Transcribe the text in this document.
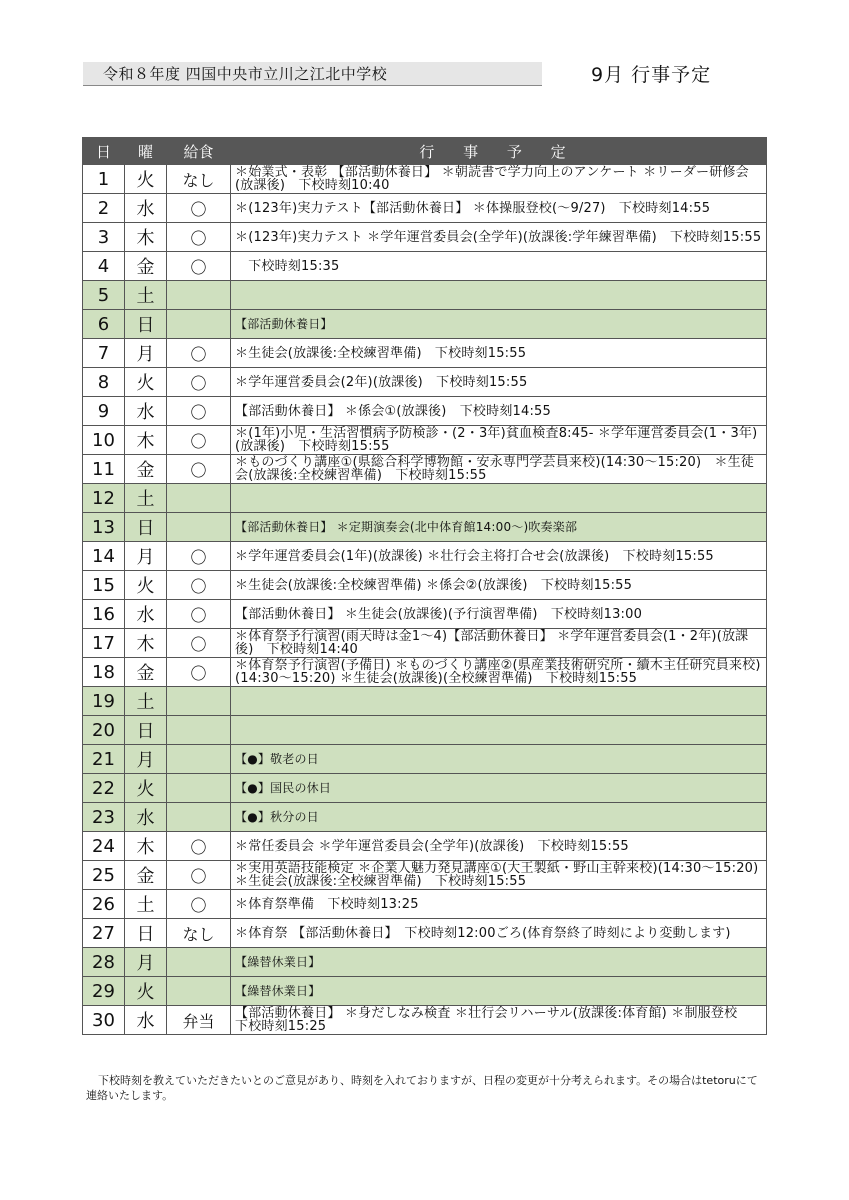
令和８年度 四国中央市立川之江北中学校	9月 行事予定
日	曜	給食	行 事 予 定
1	火	なし	＊始業式・表彰 【部活動休養日】 ＊朝読書で学力向上のアンケート ＊リーダー研修会(放課後)　下校時刻10:40
2	水	〇	＊(123年)実力テスト【部活動休養日】 ＊体操服登校(～9/27)　下校時刻14:55
3	木	〇	＊(123年)実力テスト ＊学年運営委員会(全学年)(放課後:学年練習準備)　下校時刻15:55
4	金	〇	　下校時刻15:35
5	土		
6	日		【部活動休養日】
7	月	〇	＊生徒会(放課後:全校練習準備)　下校時刻15:55
8	火	〇	＊学年運営委員会(2年)(放課後)　下校時刻15:55
9	水	〇	【部活動休養日】 ＊係会①(放課後)　下校時刻14:55
10	木	〇	＊(1年)小児・生活習慣病予防検診・(2・3年)貧血検査8:45- ＊学年運営委員会(1・3年)(放課後)　下校時刻15:55
11	金	〇	＊ものづくり講座①(県総合科学博物館・安永専門学芸員来校)(14:30～15:20)　＊生徒会(放課後:全校練習準備)　下校時刻15:55
12	土		
13	日		【部活動休養日】 ＊定期演奏会(北中体育館14:00～)吹奏楽部
14	月	〇	＊学年運営委員会(1年)(放課後) ＊壮行会主将打合せ会(放課後)　下校時刻15:55
15	火	〇	＊生徒会(放課後:全校練習準備) ＊係会②(放課後)　下校時刻15:55
16	水	〇	【部活動休養日】 ＊生徒会(放課後)(予行演習準備)　下校時刻13:00
17	木	〇	＊体育祭予行演習(雨天時は金1～4)【部活動休養日】 ＊学年運営委員会(1・2年)(放課後)　下校時刻14:40
18	金	〇	＊体育祭予行演習(予備日) ＊ものづくり講座②(県産業技術研究所・續木主任研究員来校)(14:30～15:20) ＊生徒会(放課後)(全校練習準備)　下校時刻15:55
19	土		
20	日		
21	月		【●】敬老の日
22	火		【●】国民の休日
23	水		【●】秋分の日
24	木	〇	＊常任委員会 ＊学年運営委員会(全学年)(放課後)　下校時刻15:55
25	金	〇	＊実用英語技能検定 ＊企業人魅力発見講座①(大王製紙・野山主幹来校)(14:30～15:20) ＊生徒会(放課後:全校練習準備)　下校時刻15:55
26	土	〇	＊体育祭準備　下校時刻13:25
27	日	なし	＊体育祭 【部活動休養日】　下校時刻12:00ごろ(体育祭終了時刻により変動します)
28	月		【繰替休業日】
29	火		【繰替休業日】
30	水	弁当	【部活動休養日】 ＊身だしなみ検査 ＊壮行会リハーサル(放課後:体育館) ＊制服登校　下校時刻15:25
下校時刻を教えていただきたいとのご意見があり、時刻を入れておりますが、日程の変更が十分考えられます。その場合はtetoruにて連絡いたします。
